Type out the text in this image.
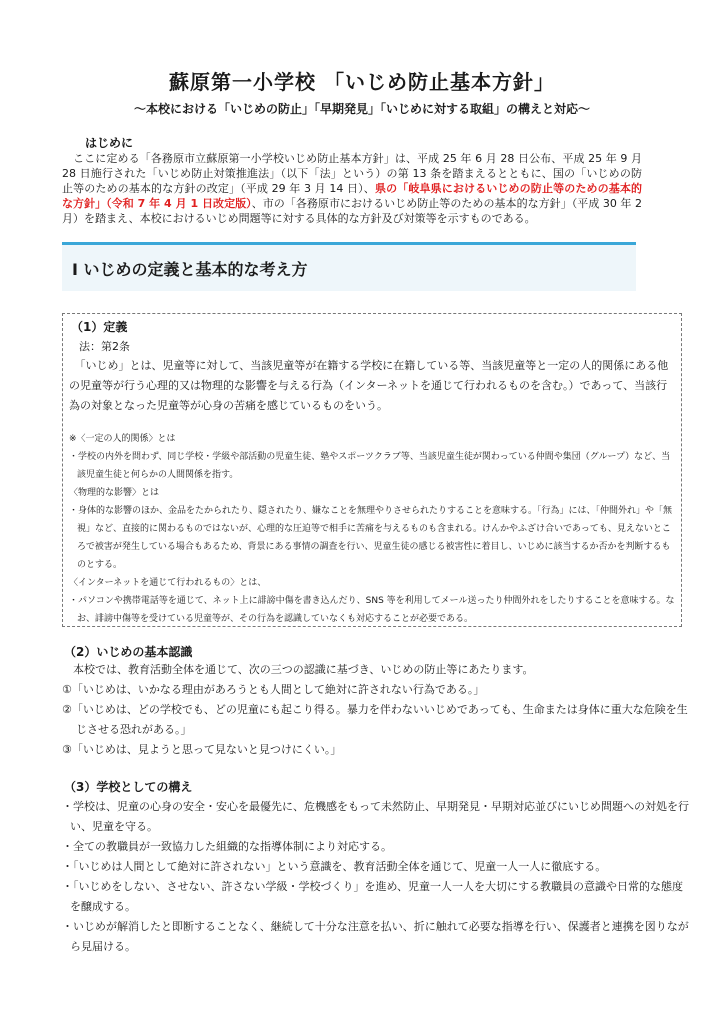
蘇原第一小学校 「いじめ防止基本方針」
〜本校における「いじめの防止」「早期発見」「いじめに対する取組」の構えと対応〜
はじめに
　ここに定める「各務原市立蘇原第一小学校いじめ防止基本方針」は、平成 25 年 6 月 28 日公布、平成 25 年 9 月 28 日施行された「いじめ防止対策推進法」（以下「法」という）の第 13 条を踏まえるとともに、国の「いじめの防止等のための基本的な方針の改定」（平成 29 年 3 月 14 日）、県の「岐阜県におけるいじめの防止等のための基本的な方針」（令和 7 年 4 月 1 日改定版）、市の「各務原市におけるいじめ防止等のための基本的な方針」（平成 30 年 2 月）を踏まえ、本校におけるいじめ問題等に対する具体的な方針及び対策等を示すものである。
Ⅰ いじめの定義と基本的な考え方
（1）定義
法：第2条
　「いじめ」とは、児童等に対して、当該児童等が在籍する学校に在籍している等、当該児童等と一定の人的関係にある他の児童等が行う心理的又は物理的な影響を与える行為（インターネットを通じて行われるものを含む。）であって、当該行為の対象となった児童等が心身の苦痛を感じているものをいう。
※〈一定の人的関係〉とは
・学校の内外を問わず、同じ学校・学級や部活動の児童生徒、塾やスポーツクラブ等、当該児童生徒が関わっている仲間や集団（グループ）など、当該児童生徒と何らかの人間関係を指す。
〈物理的な影響〉とは
・身体的な影響のほか、金品をたかられたり、隠されたり、嫌なことを無理やりさせられたりすることを意味する。「行為」には、「仲間外れ」や「無視」など、直接的に関わるものではないが、心理的な圧迫等で相手に苦痛を与えるものも含まれる。けんかやふざけ合いであっても、見えないところで被害が発生している場合もあるため、背景にある事情の調査を行い、児童生徒の感じる被害性に着目し、いじめに該当するか否かを判断するものとする。
〈インターネットを通じて行われるもの〉とは、
・パソコンや携帯電話等を通じて、ネット上に誹謗中傷を書き込んだり、SNS 等を利用してメール送ったり仲間外れをしたりすることを意味する。なお、誹謗中傷等を受けている児童等が、その行為を認識していなくも対応することが必要である。
（2）いじめの基本認識
　本校では、教育活動全体を通じて、次の三つの認識に基づき、いじめの防止等にあたります。
①「いじめは、いかなる理由があろうとも人間として絶対に許されない行為である。」
②「いじめは、どの学校でも、どの児童にも起こり得る。暴力を伴わないいじめであっても、生命または身体に重大な危険を生じさせる恐れがある。」
③「いじめは、見ようと思って見ないと見つけにくい。」
（3）学校としての構え
・学校は、児童の心身の安全・安心を最優先に、危機感をもって未然防止、早期発見・早期対応並びにいじめ問題への対処を行い、児童を守る。
・全ての教職員が一致協力した組織的な指導体制により対応する。
・「いじめは人間として絶対に許されない」という意識を、教育活動全体を通じて、児童一人一人に徹底する。
・「いじめをしない、させない、許さない学級・学校づくり」を進め、児童一人一人を大切にする教職員の意識や日常的な態度を醸成する。
・いじめが解消したと即断することなく、継続して十分な注意を払い、折に触れて必要な指導を行い、保護者と連携を図りながら見届ける。
